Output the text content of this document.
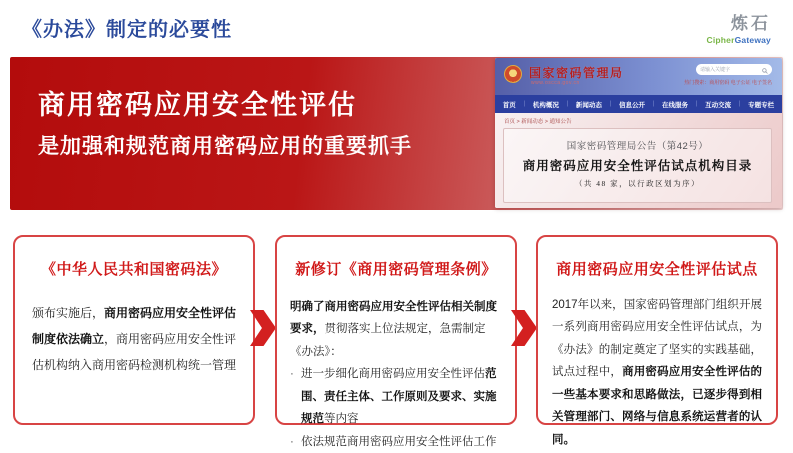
《办法》制定的必要性	炼石
CipherGateway
商用密码应用安全性评估
是加强和规范商用密码应用的重要抓手
国家密码管理局
www.oscca.gov.cn
请输入关键字
热门搜索：商用密码 电子公证 电子签名
首页 | 机构概况 | 新闻动态 | 信息公开 | 在线服务 | 互动交流 | 专题专栏
首页 > 新闻动态 > 通知公告
国家密码管理局公告（第42号）
商用密码应用安全性评估试点机构目录
（共 48 家，以行政区划为序）
《中华人民共和国密码法》
颁布实施后，商用密码应用安全性评估制度依法确立，商用密码应用安全性评估机构纳入商用密码检测机构统一管理
新修订《商用密码管理条例》
明确了商用密码应用安全性评估相关制度要求，贯彻落实上位法规定，急需制定《办法》：
· 进一步细化商用密码应用安全性评估范围、责任主体、工作原则及要求、实施规范等内容
· 依法规范商用密码应用安全性评估工作
商用密码应用安全性评估试点
2017年以来，国家密码管理部门组织开展一系列商用密码应用安全性评估试点，为《办法》的制定奠定了坚实的实践基础，试点过程中，商用密码应用安全性评估的一些基本要求和思路做法，已逐步得到相关管理部门、网络与信息系统运营者的认同。
